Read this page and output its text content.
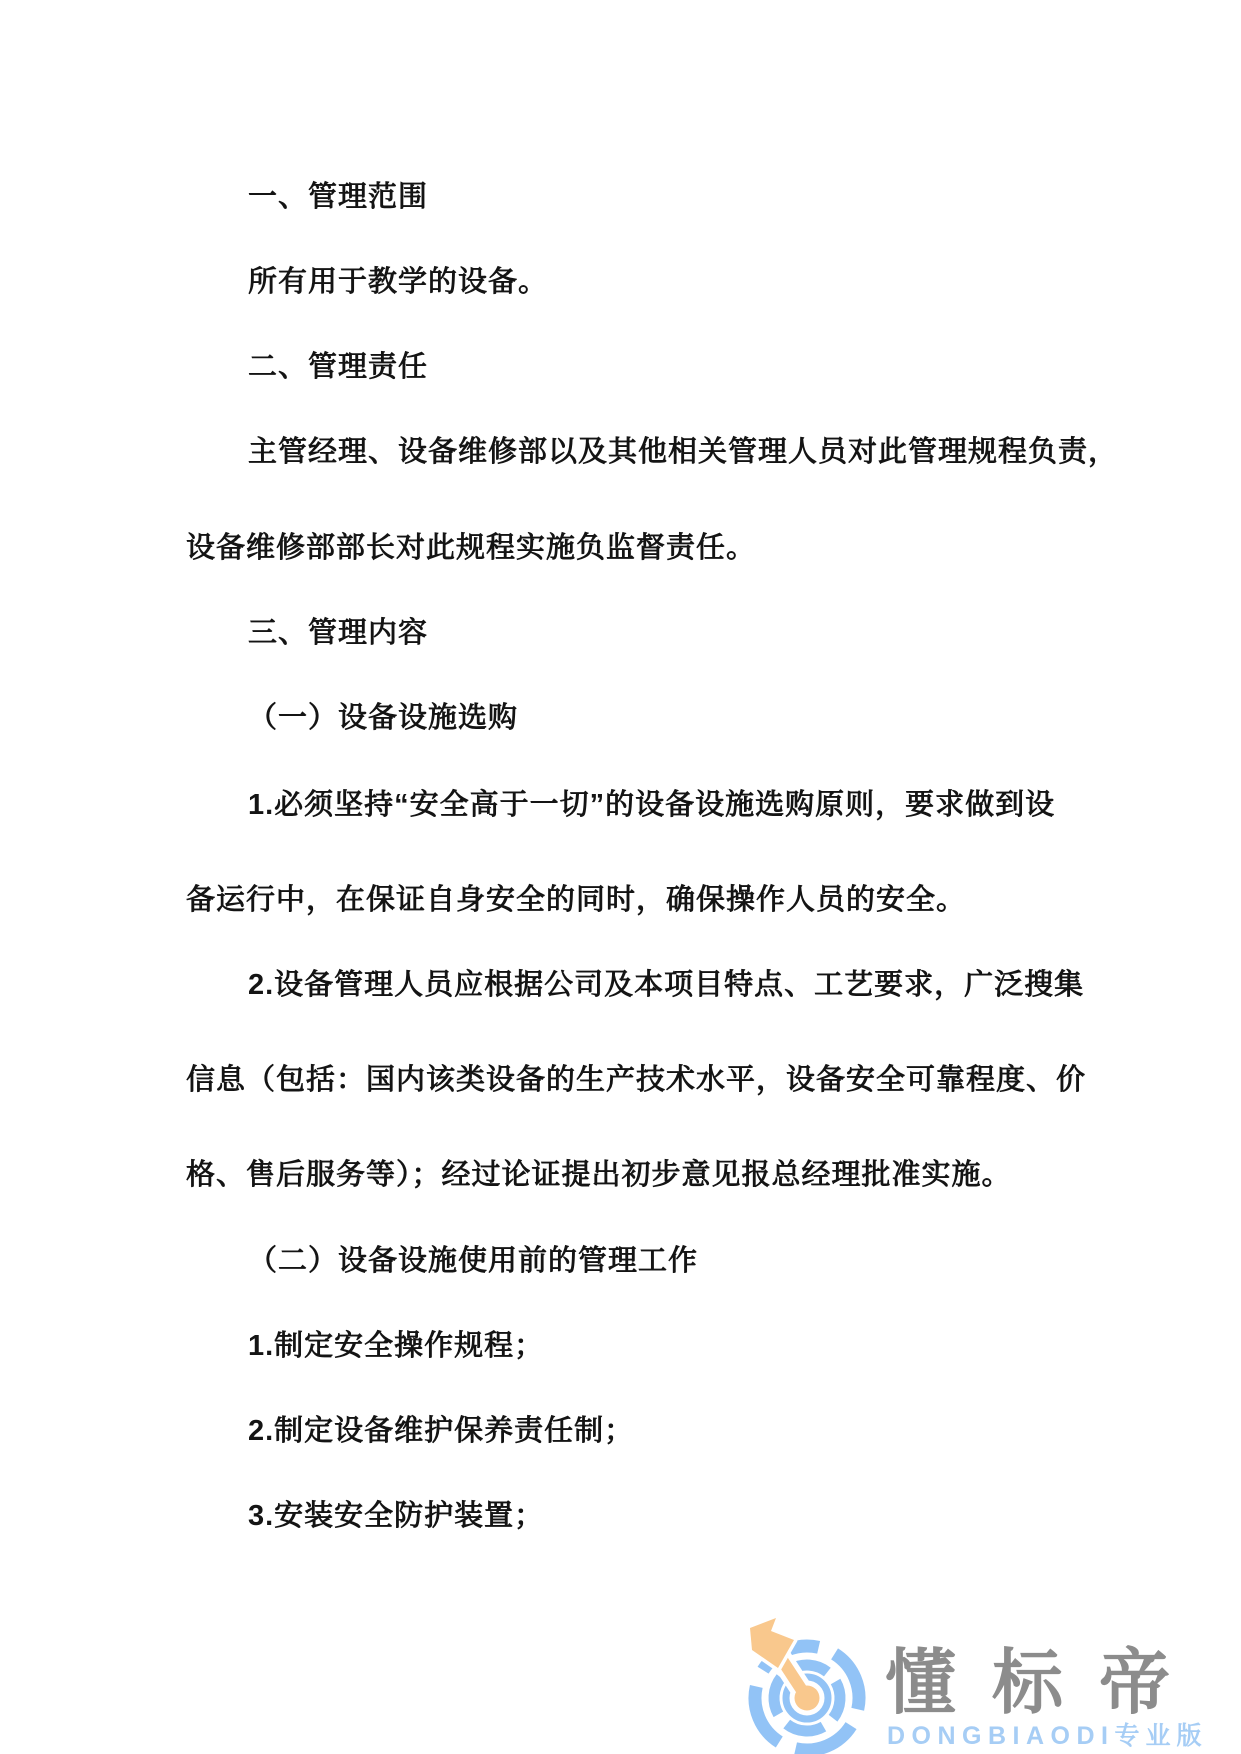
一、管理范围
所有用于教学的设备。
二、管理责任
主管经理、设备维修部以及其他相关管理人员对此管理规程负责，
设备维修部部长对此规程实施负监督责任。
三、管理内容
（一）设备设施选购
1.必须坚持“安全高于一切”的设备设施选购原则，要求做到设
备运行中，在保证自身安全的同时，确保操作人员的安全。
2.设备管理人员应根据公司及本项目特点、工艺要求，广泛搜集
信息（包括：国内该类设备的生产技术水平，设备安全可靠程度、价
格、售后服务等）；经过论证提出初步意见报总经理批准实施。
（二）设备设施使用前的管理工作
1.制定安全操作规程；
2.制定设备维护保养责任制；
3.安装安全防护装置；
懂标帝
DONGBIAODI专业版
